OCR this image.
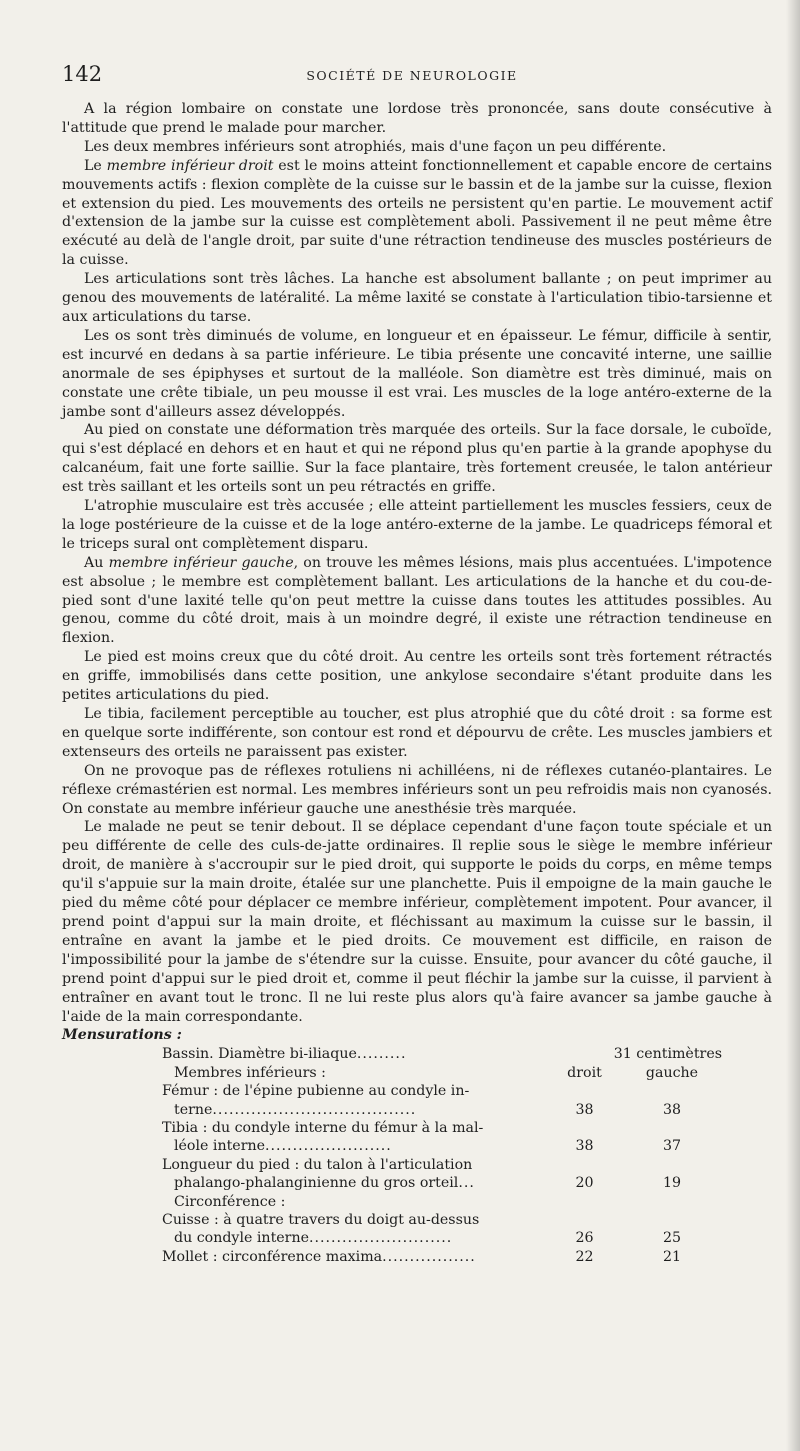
142	SOCIÉTÉ DE NEUROLOGIE

A la région lombaire on constate une lordose très prononcée, sans doute consécutive à l'attitude que prend le malade pour marcher.

Les deux membres inférieurs sont atrophiés, mais d'une façon un peu différente.

Le membre inférieur droit est le moins atteint fonctionnellement et capable encore de certains mouvements actifs : flexion complète de la cuisse sur le bassin et de la jambe sur la cuisse, flexion et extension du pied. Les mouvements des orteils ne persistent qu'en partie. Le mouvement actif d'extension de la jambe sur la cuisse est complètement aboli. Passivement il ne peut même être exécuté au delà de l'angle droit, par suite d'une rétraction tendineuse des muscles postérieurs de la cuisse.

Les articulations sont très lâches. La hanche est absolument ballante ; on peut imprimer au genou des mouvements de latéralité. La même laxité se constate à l'articulation tibio-tarsienne et aux articulations du tarse.

Les os sont très diminués de volume, en longueur et en épaisseur. Le fémur, difficile à sentir, est incurvé en dedans à sa partie inférieure. Le tibia présente une concavité interne, une saillie anormale de ses épiphyses et surtout de la malléole. Son diamètre est très diminué, mais on constate une crête tibiale, un peu mousse il est vrai. Les muscles de la loge antéro-externe de la jambe sont d'ailleurs assez développés.

Au pied on constate une déformation très marquée des orteils. Sur la face dorsale, le cuboïde, qui s'est déplacé en dehors et en haut et qui ne répond plus qu'en partie à la grande apophyse du calcanéum, fait une forte saillie. Sur la face plantaire, très fortement creusée, le talon antérieur est très saillant et les orteils sont un peu rétractés en griffe.

L'atrophie musculaire est très accusée ; elle atteint partiellement les muscles fessiers, ceux de la loge postérieure de la cuisse et de la loge antéro-externe de la jambe. Le quadriceps fémoral et le triceps sural ont complètement disparu.

Au membre inférieur gauche, on trouve les mêmes lésions, mais plus accentuées. L'impotence est absolue ; le membre est complètement ballant. Les articulations de la hanche et du cou-de-pied sont d'une laxité telle qu'on peut mettre la cuisse dans toutes les attitudes possibles. Au genou, comme du côté droit, mais à un moindre degré, il existe une rétraction tendineuse en flexion.

Le pied est moins creux que du côté droit. Au centre les orteils sont très fortement rétractés en griffe, immobilisés dans cette position, une ankylose secondaire s'étant produite dans les petites articulations du pied.

Le tibia, facilement perceptible au toucher, est plus atrophié que du côté droit : sa forme est en quelque sorte indifférente, son contour est rond et dépourvu de crête. Les muscles jambiers et extenseurs des orteils ne paraissent pas exister.

On ne provoque pas de réflexes rotuliens ni achilléens, ni de réflexes cutanéo-plantaires. Le réflexe crémastérien est normal. Les membres inférieurs sont un peu refroidis mais non cyanosés. On constate au membre inférieur gauche une anesthésie très marquée.

Le malade ne peut se tenir debout. Il se déplace cependant d'une façon toute spéciale et un peu différente de celle des culs-de-jatte ordinaires. Il replie sous le siège le membre inférieur droit, de manière à s'accroupir sur le pied droit, qui supporte le poids du corps, en même temps qu'il s'appuie sur la main droite, étalée sur une planchette. Puis il empoigne de la main gauche le pied du même côté pour déplacer ce membre inférieur, complètement impotent. Pour avancer, il prend point d'appui sur la main droite, et fléchissant au maximum la cuisse sur le bassin, il entraîne en avant la jambe et le pied droits. Ce mouvement est difficile, en raison de l'impossibilité pour la jambe de s'étendre sur la cuisse. Ensuite, pour avancer du côté gauche, il prend point d'appui sur le pied droit et, comme il peut fléchir la jambe sur la cuisse, il parvient à entraîner en avant tout le tronc. Il ne lui reste plus alors qu'à faire avancer sa jambe gauche à l'aide de la main correspondante.

Mensurations :

Bassin. Diamètre bi-iliaque.........	31 centimètres
Membres inférieurs :	droit	gauche
Fémur : de l'épine pubienne au condyle in-
terne.....................................	38	38
Tibia : du condyle interne du fémur à la mal-
léole interne.......................	38	37
Longueur du pied : du talon à l'articulation
phalango-phalanginienne du gros orteil...	20	19
Circonférence :
Cuisse : à quatre travers du doigt au-dessus
du condyle interne..........................	26	25
Mollet : circonférence maxima.................	22	21
